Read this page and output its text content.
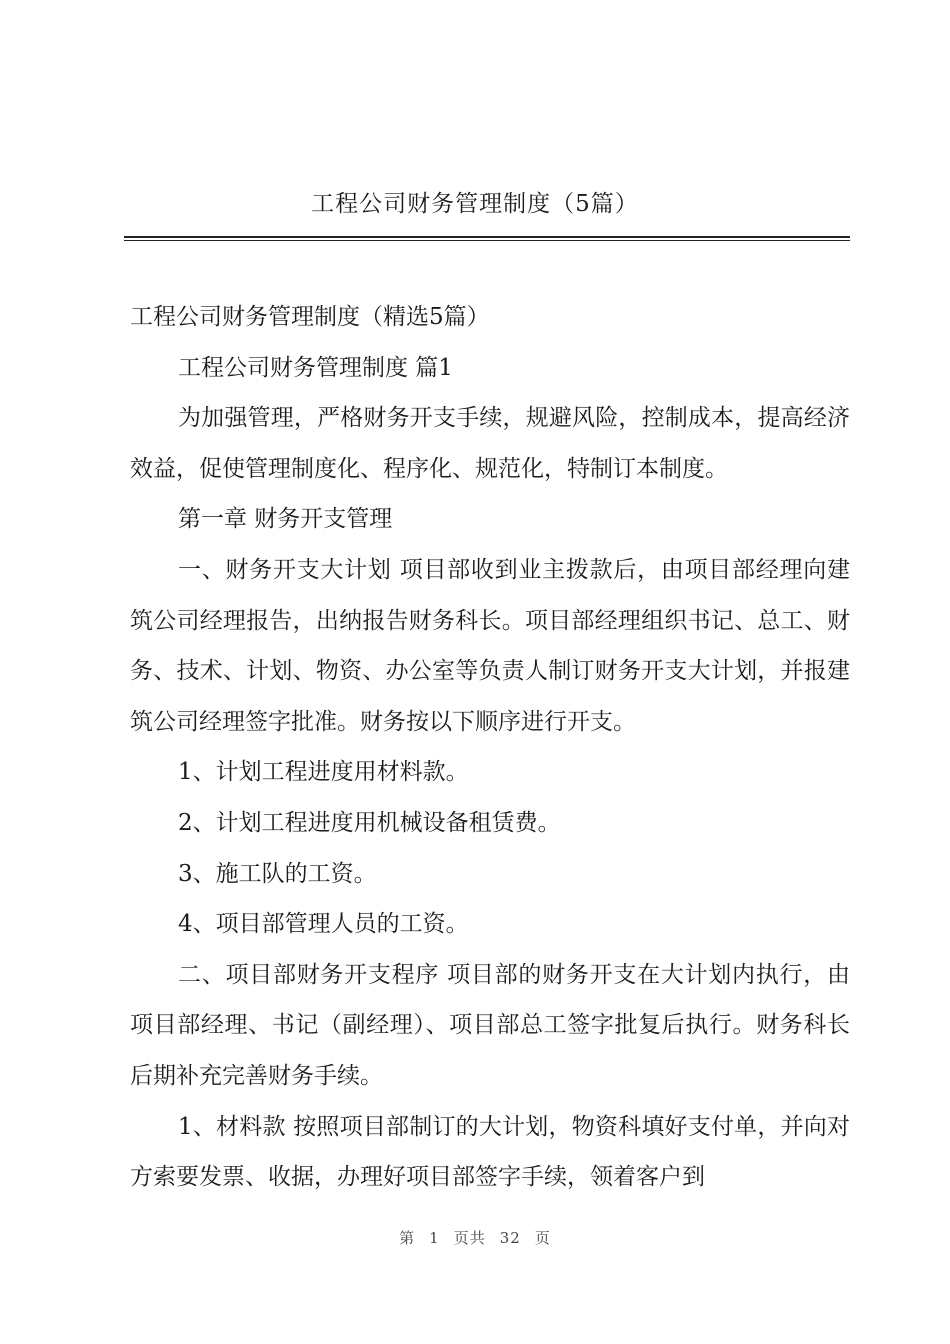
工程公司财务管理制度（5篇）

工程公司财务管理制度（精选5篇）

工程公司财务管理制度 篇1

为加强管理，严格财务开支手续，规避风险，控制成本，提高经济效益，促使管理制度化、程序化、规范化，特制订本制度。

第一章 财务开支管理

一、财务开支大计划 项目部收到业主拨款后，由项目部经理向建筑公司经理报告，出纳报告财务科长。项目部经理组织书记、总工、财务、技术、计划、物资、办公室等负责人制订财务开支大计划，并报建筑公司经理签字批准。财务按以下顺序进行开支。

1、计划工程进度用材料款。

2、计划工程进度用机械设备租赁费。

3、施工队的工资。

4、项目部管理人员的工资。

二、项目部财务开支程序 项目部的财务开支在大计划内执行，由项目部经理、书记（副经理）、项目部总工签字批复后执行。财务科长后期补充完善财务手续。

1、材料款 按照项目部制订的大计划，物资科填好支付单，并向对方索要发票、收据，办理好项目部签字手续，领着客户到

第 1 页共 32 页
